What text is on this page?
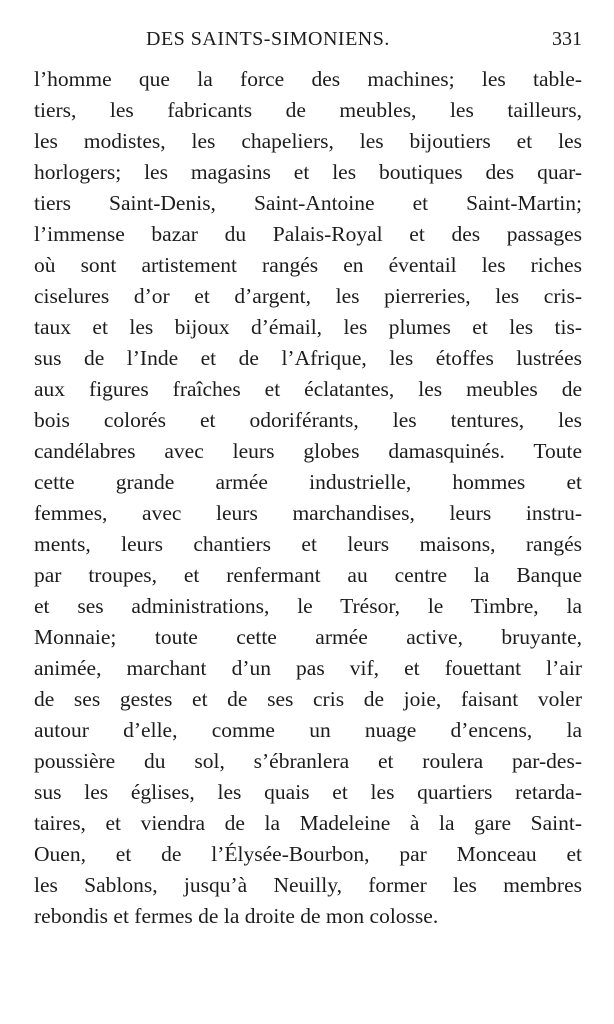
DES SAINTS-SIMONIENS.	331
l’homme que la force des machines; les table-
tiers, les fabricants de meubles, les tailleurs,
les modistes, les chapeliers, les bijoutiers et les
horlogers; les magasins et les boutiques des quar-
tiers Saint-Denis, Saint-Antoine et Saint-Martin;
l’immense bazar du Palais-Royal et des passages
où sont artistement rangés en éventail les riches
ciselures d’or et d’argent, les pierreries, les cris-
taux et les bijoux d’émail, les plumes et les tis-
sus de l’Inde et de l’Afrique, les étoffes lustrées
aux figures fraîches et éclatantes, les meubles de
bois colorés et odoriférants, les tentures, les
candélabres avec leurs globes damasquinés. Toute
cette grande armée industrielle, hommes et
femmes, avec leurs marchandises, leurs instru-
ments, leurs chantiers et leurs maisons, rangés
par troupes, et renfermant au centre la Banque
et ses administrations, le Trésor, le Timbre, la
Monnaie; toute cette armée active, bruyante,
animée, marchant d’un pas vif, et fouettant l’air
de ses gestes et de ses cris de joie, faisant voler
autour d’elle, comme un nuage d’encens, la
poussière du sol, s’ébranlera et roulera par-des-
sus les églises, les quais et les quartiers retarda-
taires, et viendra de la Madeleine à la gare Saint-
Ouen, et de l’Élysée-Bourbon, par Monceau et
les Sablons, jusqu’à Neuilly, former les membres
rebondis et fermes de la droite de mon colosse.
